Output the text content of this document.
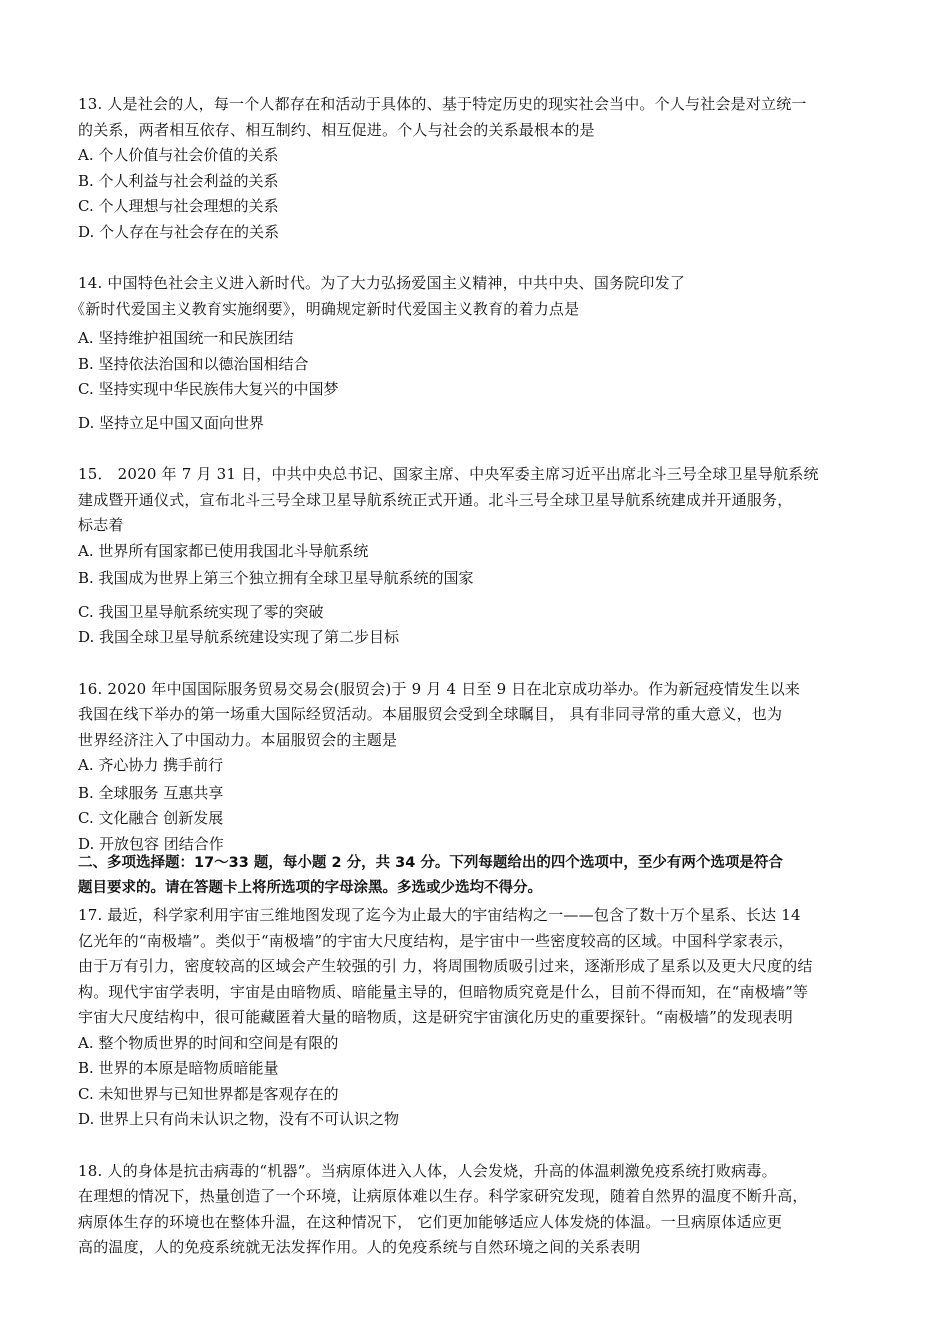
13. 人是社会的人，每一个人都存在和活动于具体的、基于特定历史的现实社会当中。个人与社会是对立统一
的关系，两者相互依存、相互制约、相互促进。个人与社会的关系最根本的是
A. 个人价值与社会价值的关系
B. 个人利益与社会利益的关系
C. 个人理想与社会理想的关系
D. 个人存在与社会存在的关系
14. 中国特色社会主义进入新时代。为了大力弘扬爱国主义精神，中共中央、国务院印发了
《新时代爱国主义教育实施纲要》，明确规定新时代爱国主义教育的着力点是
A. 坚持维护祖国统一和民族团结
B. 坚持依法治国和以德治国相结合
C. 坚持实现中华民族伟大复兴的中国梦
D. 坚持立足中国又面向世界
15． 2020 年 7 月 31 日，中共中央总书记、国家主席、中央军委主席习近平出席北斗三号全球卫星导航系统
建成暨开通仪式，宣布北斗三号全球卫星导航系统正式开通。北斗三号全球卫星导航系统建成并开通服务，
标志着
A. 世界所有国家都已使用我国北斗导航系统
B. 我国成为世界上第三个独立拥有全球卫星导航系统的国家
C. 我国卫星导航系统实现了零的突破
D. 我国全球卫星导航系统建设实现了第二步目标
16. 2020 年中国国际服务贸易交易会(服贸会)于 9 月 4 日至 9 日在北京成功举办。作为新冠疫情发生以来
我国在线下举办的第一场重大国际经贸活动。本届服贸会受到全球瞩目， 具有非同寻常的重大意义，也为
世界经济注入了中国动力。本届服贸会的主题是
A. 齐心协力 携手前行
B. 全球服务 互惠共享
C. 文化融合 创新发展
D. 开放包容 团结合作
二、多项选择题：17～33 题，每小题 2 分，共 34 分。下列每题给出的四个选项中，至少有两个选项是符合
题目要求的。请在答题卡上将所选项的字母涂黑。多选或少选均不得分。
17. 最近，科学家利用宇宙三维地图发现了迄今为止最大的宇宙结构之一——包含了数十万个星系、长达 14
亿光年的“南极墙”。类似于“南极墙”的宇宙大尺度结构，是宇宙中一些密度较高的区域。中国科学家表示，
由于万有引力，密度较高的区域会产生较强的引 力，将周围物质吸引过来，逐渐形成了星系以及更大尺度的结
构。现代宇宙学表明，宇宙是由暗物质、暗能量主导的，但暗物质究竟是什么，目前不得而知，在“南极墙”等
宇宙大尺度结构中，很可能藏匿着大量的暗物质，这是研究宇宙演化历史的重要探针。“南极墙”的发现表明
A. 整个物质世界的时间和空间是有限的
B. 世界的本原是暗物质暗能量
C. 未知世界与已知世界都是客观存在的
D. 世界上只有尚未认识之物，没有不可认识之物
18. 人的身体是抗击病毒的“机器”。当病原体进入人体，人会发烧，升高的体温刺激免疫系统打败病毒。
在理想的情况下，热量创造了一个环境，让病原体难以生存。科学家研究发现，随着自然界的温度不断升高，
病原体生存的环境也在整体升温，在这种情况下， 它们更加能够适应人体发烧的体温。一旦病原体适应更
高的温度，人的免疫系统就无法发挥作用。人的免疫系统与自然环境之间的关系表明
